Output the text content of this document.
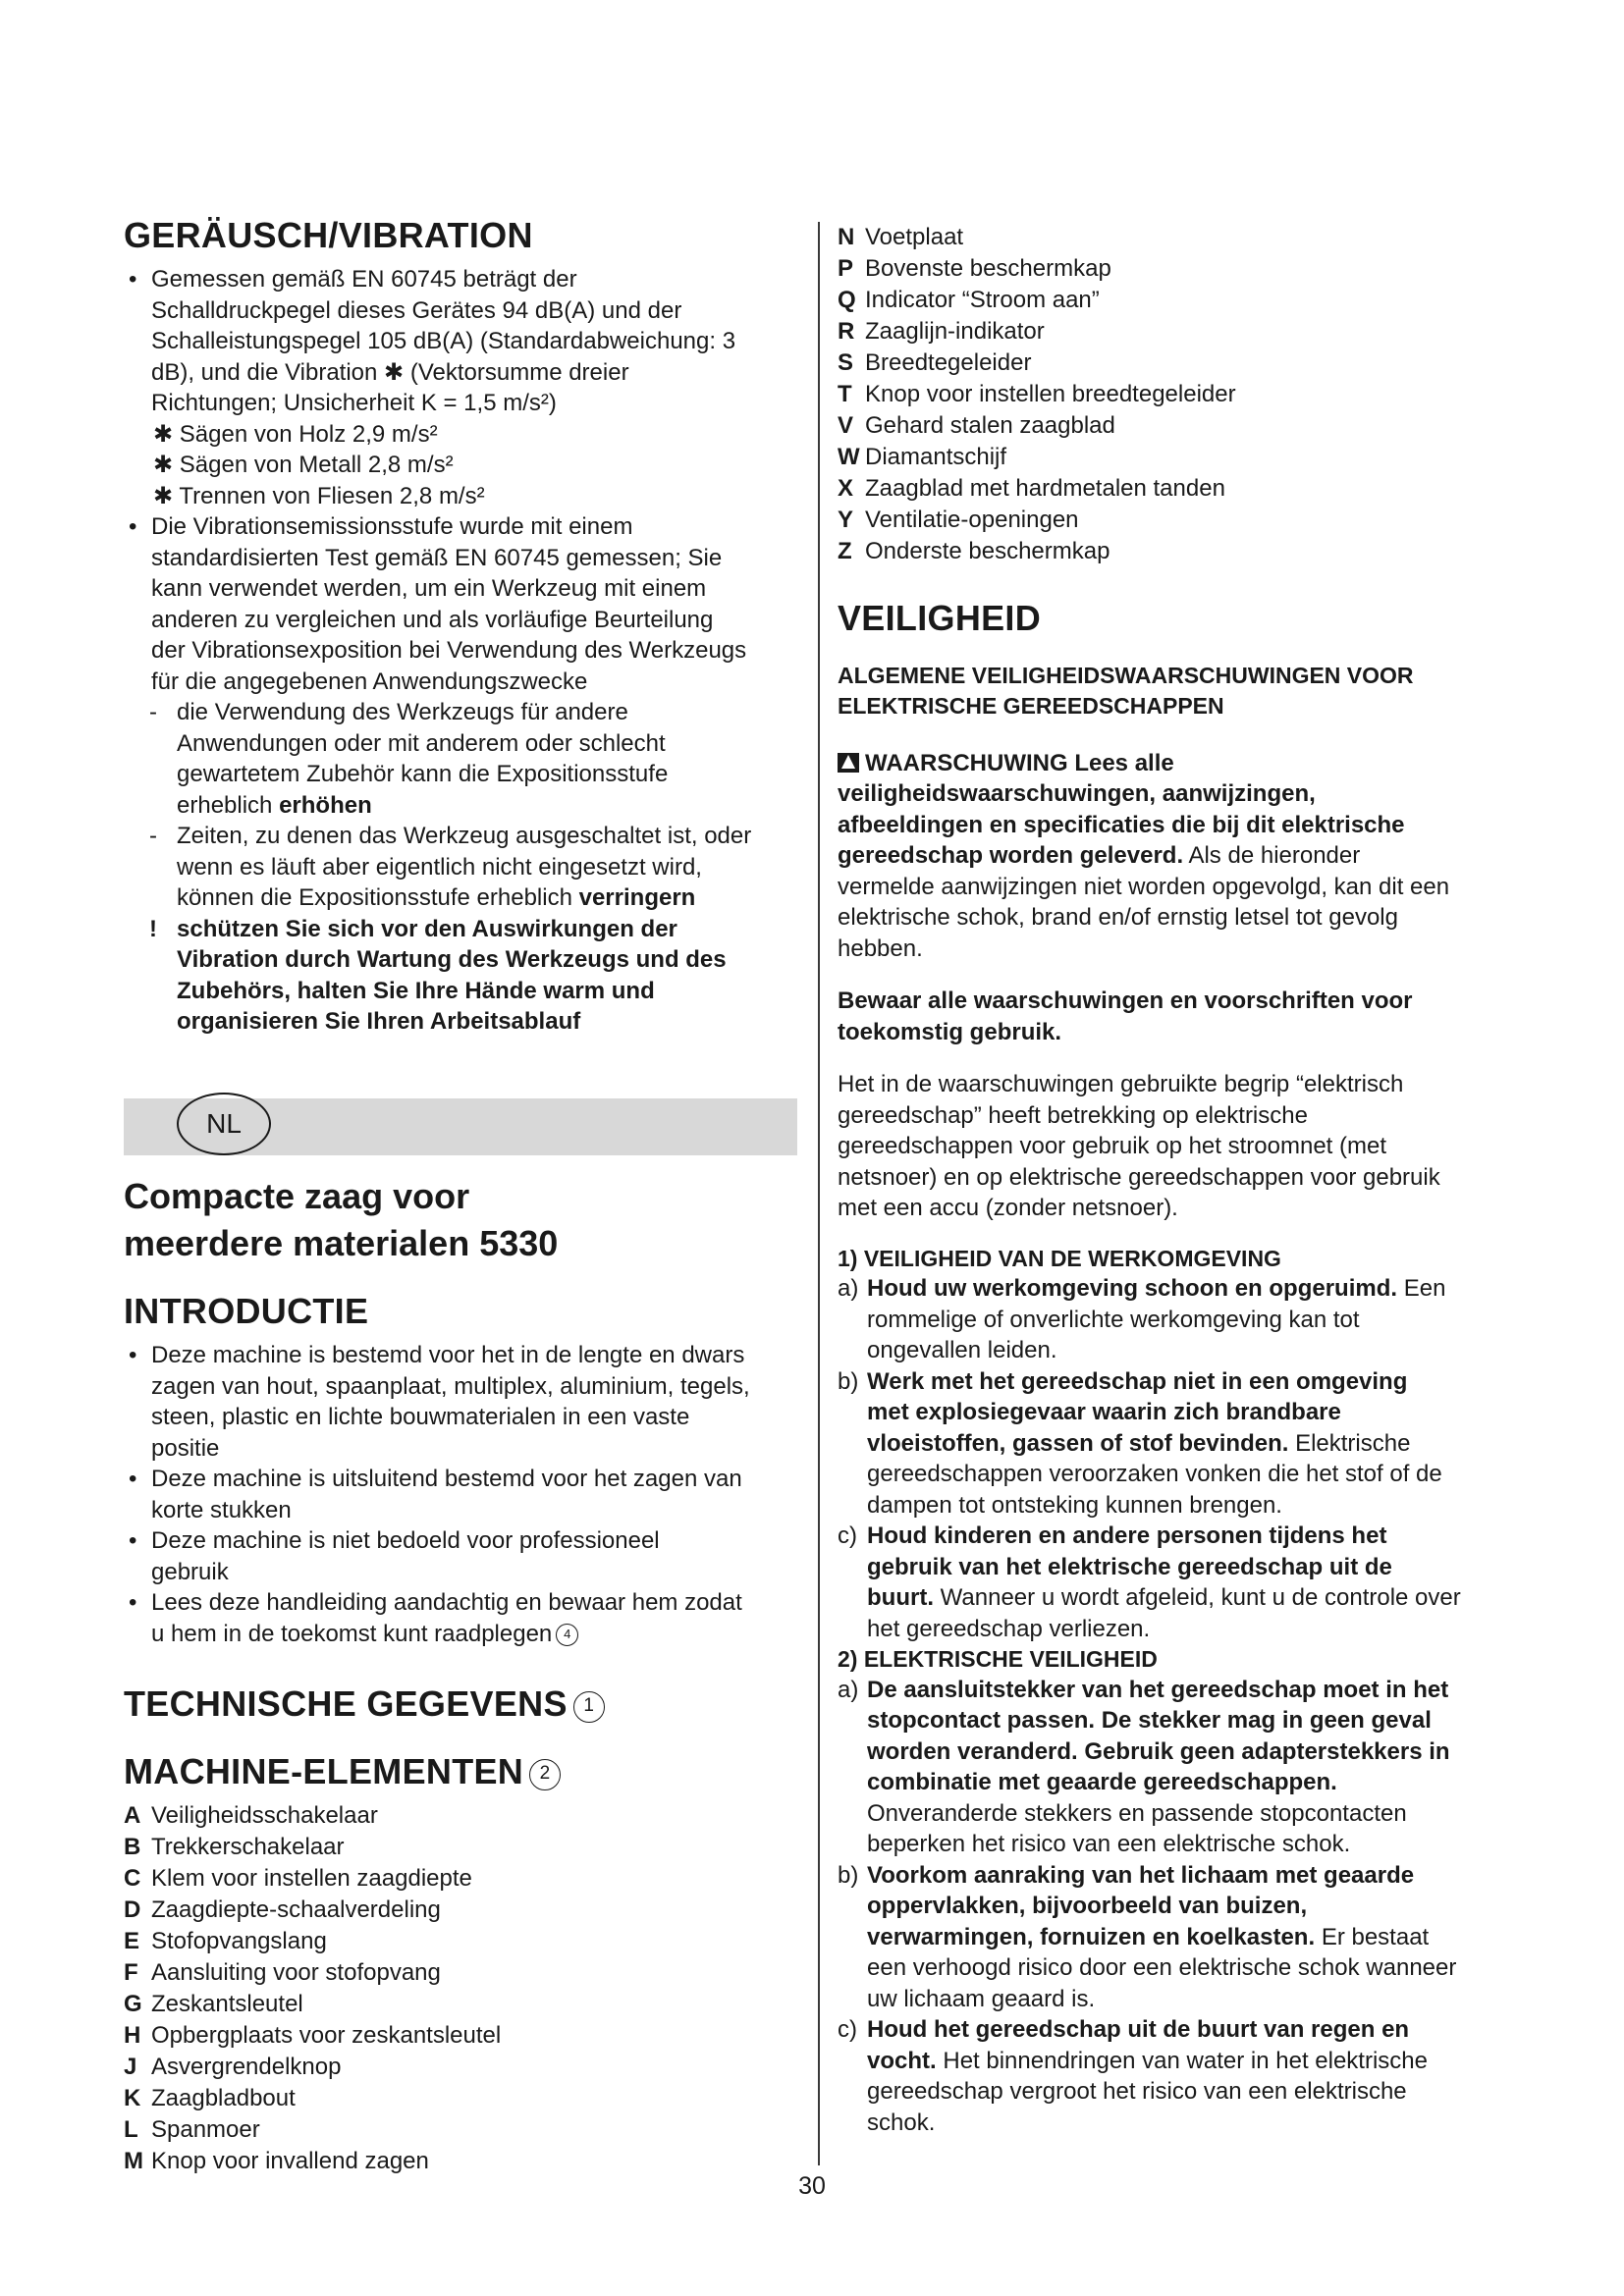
GERÄUSCH/VIBRATION
• Gemessen gemäß EN 60745 beträgt der
Schalldruckpegel dieses Gerätes 94 dB(A) und der
Schalleistungspegel 105 dB(A) (Standardabweichung: 3
dB), und die Vibration ✱ (Vektorsumme dreier
Richtungen; Unsicherheit K = 1,5 m/s²)
✱ Sägen von Holz 2,9 m/s²
✱ Sägen von Metall 2,8 m/s²
✱ Trennen von Fliesen 2,8 m/s²
• Die Vibrationsemissionsstufe wurde mit einem
standardisierten Test gemäß EN 60745 gemessen; Sie
kann verwendet werden, um ein Werkzeug mit einem
anderen zu vergleichen und als vorläufige Beurteilung
der Vibrationsexposition bei Verwendung des Werkzeugs
für die angegebenen Anwendungszwecke
- die Verwendung des Werkzeugs für andere
Anwendungen oder mit anderem oder schlecht
gewartetem Zubehör kann die Expositionsstufe
erheblich erhöhen
- Zeiten, zu denen das Werkzeug ausgeschaltet ist, oder
wenn es läuft aber eigentlich nicht eingesetzt wird,
können die Expositionsstufe erheblich verringern
! schützen Sie sich vor den Auswirkungen der
Vibration durch Wartung des Werkzeugs und des
Zubehörs, halten Sie Ihre Hände warm und
organisieren Sie Ihren Arbeitsablauf
NL
Compacte zaag voor
meerdere materialen 5330
INTRODUCTIE
• Deze machine is bestemd voor het in de lengte en dwars
zagen van hout, spaanplaat, multiplex, aluminium, tegels,
steen, plastic en lichte bouwmaterialen in een vaste
positie
• Deze machine is uitsluitend bestemd voor het zagen van
korte stukken
• Deze machine is niet bedoeld voor professioneel
gebruik
• Lees deze handleiding aandachtig en bewaar hem zodat
u hem in de toekomst kunt raadplegen 4
TECHNISCHE GEGEVENS 1
MACHINE-ELEMENTEN 2
A Veiligheidsschakelaar
B Trekkerschakelaar
C Klem voor instellen zaagdiepte
D Zaagdiepte-schaalverdeling
E Stofopvangslang
F Aansluiting voor stofopvang
G Zeskantsleutel
H Opbergplaats voor zeskantsleutel
J Asvergrendelknop
K Zaagbladbout
L Spanmoer
M Knop voor invallend zagen
N Voetplaat
P Bovenste beschermkap
Q Indicator “Stroom aan”
R Zaaglijn-indikator
S Breedtegeleider
T Knop voor instellen breedtegeleider
V Gehard stalen zaagblad
W Diamantschijf
X Zaagblad met hardmetalen tanden
Y Ventilatie-openingen
Z Onderste beschermkap
VEILIGHEID
ALGEMENE VEILIGHEIDSWAARSCHUWINGEN VOOR
ELEKTRISCHE GEREEDSCHAPPEN
WAARSCHUWING Lees alle
veiligheidswaarschuwingen, aanwijzingen,
afbeeldingen en specificaties die bij dit elektrische
gereedschap worden geleverd. Als de hieronder
vermelde aanwijzingen niet worden opgevolgd, kan dit een
elektrische schok, brand en/of ernstig letsel tot gevolg
hebben.
Bewaar alle waarschuwingen en voorschriften voor
toekomstig gebruik.
Het in de waarschuwingen gebruikte begrip “elektrisch
gereedschap” heeft betrekking op elektrische
gereedschappen voor gebruik op het stroomnet (met
netsnoer) en op elektrische gereedschappen voor gebruik
met een accu (zonder netsnoer).
1) VEILIGHEID VAN DE WERKOMGEVING
a) Houd uw werkomgeving schoon en opgeruimd. Een
rommelige of onverlichte werkomgeving kan tot
ongevallen leiden.
b) Werk met het gereedschap niet in een omgeving
met explosiegevaar waarin zich brandbare
vloeistoffen, gassen of stof bevinden. Elektrische
gereedschappen veroorzaken vonken die het stof of de
dampen tot ontsteking kunnen brengen.
c) Houd kinderen en andere personen tijdens het
gebruik van het elektrische gereedschap uit de
buurt. Wanneer u wordt afgeleid, kunt u de controle over
het gereedschap verliezen.
2) ELEKTRISCHE VEILIGHEID
a) De aansluitstekker van het gereedschap moet in het
stopcontact passen. De stekker mag in geen geval
worden veranderd. Gebruik geen adapterstekkers in
combinatie met geaarde gereedschappen.
Onveranderde stekkers en passende stopcontacten
beperken het risico van een elektrische schok.
b) Voorkom aanraking van het lichaam met geaarde
oppervlakken, bijvoorbeeld van buizen,
verwarmingen, fornuizen en koelkasten. Er bestaat
een verhoogd risico door een elektrische schok wanneer
uw lichaam geaard is.
c) Houd het gereedschap uit de buurt van regen en
vocht. Het binnendringen van water in het elektrische
gereedschap vergroot het risico van een elektrische
schok.
30
